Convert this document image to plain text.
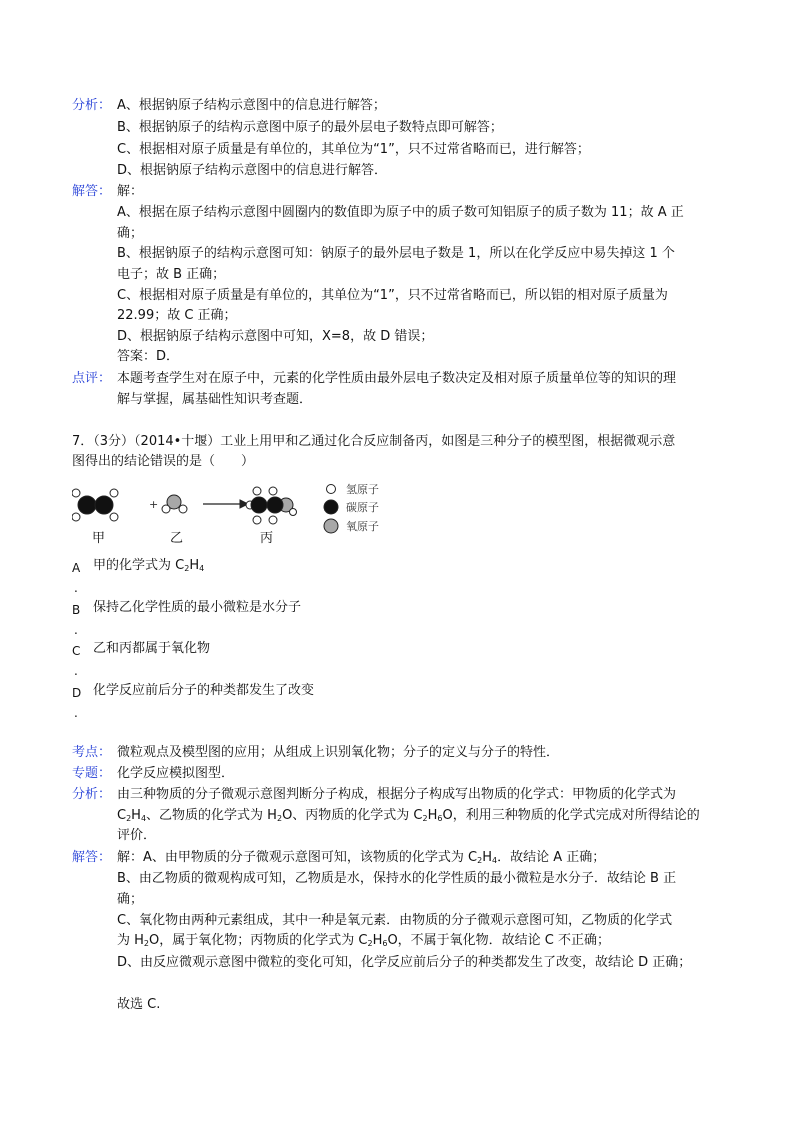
分析： A、根据钠原子结构示意图中的信息进行解答；
B、根据钠原子的结构示意图中原子的最外层电子数特点即可解答；
C、根据相对原子质量是有单位的，其单位为“1”，只不过常省略而已，进行解答；
D、根据钠原子结构示意图中的信息进行解答．
解答： 解：
A、根据在原子结构示意图中圆圈内的数值即为原子中的质子数可知铝原子的质子数为 11；故 A 正
确；
B、根据钠原子的结构示意图可知：钠原子的最外层电子数是 1，所以在化学反应中易失掉这 1 个
电子；故 B 正确；
C、根据相对原子质量是有单位的，其单位为“1”，只不过常省略而已，所以铝的相对原子质量为
22.99；故 C 正确；
D、根据钠原子结构示意图中可知，X=8，故 D 错误；
答案：D．
点评： 本题考查学生对在原子中，元素的化学性质由最外层电子数决定及相对原子质量单位等的知识的理
解与掌握，属基础性知识考查题．
7．（3分）（2014•十堰）工业上用甲和乙通过化合反应制备丙，如图是三种分子的模型图，根据微观示意
图得出的结论错误的是（　　）
+
氢原子
碳原子
氧原子
甲	乙	丙
A 甲的化学式为 $C_2H_4$
.
B 保持乙化学性质的最小微粒是水分子
.
C 乙和丙都属于氧化物
.
D 化学反应前后分子的种类都发生了改变
.
考点： 微粒观点及模型图的应用；从组成上识别氧化物；分子的定义与分子的特性．
专题： 化学反应模拟图型．
分析： 由三种物质的分子微观示意图判断分子构成，根据分子构成写出物质的化学式：甲物质的化学式为
$C_2H_4$、乙物质的化学式为 $H_2O$、丙物质的化学式为 $C_2H_6O$，利用三种物质的化学式完成对所得结论的
评价．
解答： 解：A、由甲物质的分子微观示意图可知，该物质的化学式为 $C_2H_4$．故结论 A 正确；
B、由乙物质的微观构成可知，乙物质是水，保持水的化学性质的最小微粒是水分子．故结论 B 正
确；
C、氧化物由两种元素组成，其中一种是氧元素．由物质的分子微观示意图可知，乙物质的化学式
为 $H_2O$，属于氧化物；丙物质的化学式为 $C_2H_6O$，不属于氧化物．故结论 C 不正确；
D、由反应微观示意图中微粒的变化可知，化学反应前后分子的种类都发生了改变，故结论 D 正确；
故选 C.
